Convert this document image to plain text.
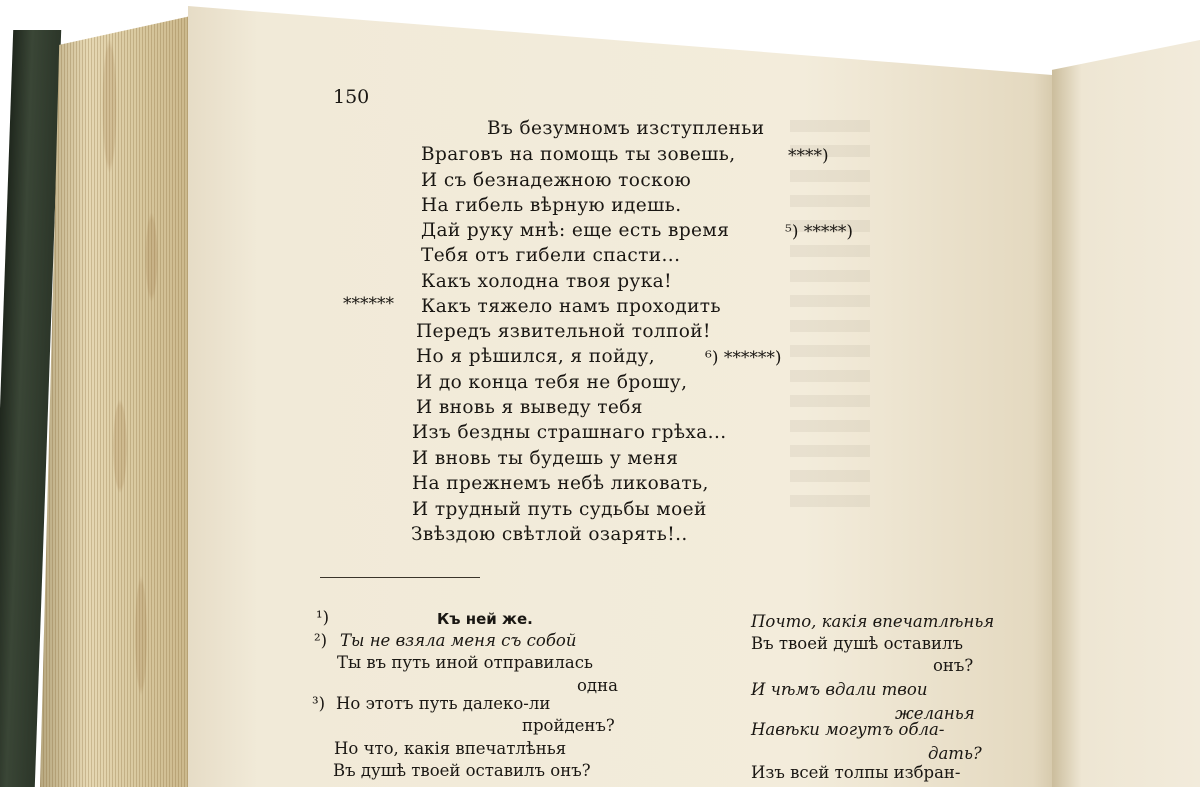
150
Въ безумномъ изступленьи
Враговъ на помощь ты зовешь,	****)
И съ безнадежною тоскою
На гибель вѣрную идешь.
Дай руку мнѣ: еще есть время	⁵) *****)
Тебя отъ гибели спасти...
Какъ холодна твоя рука!
****** Какъ тяжело намъ проходить
Передъ язвительной толпой!
Но я рѣшился, я пойду,	⁶) ******)
И до конца тебя не брошу,
И вновь я выведу тебя
Изъ бездны страшнаго грѣха...
И вновь ты будешь у меня
На прежнемъ небѣ ликовать,
И трудный путь судьбы моей
Звѣздою свѣтлой озарять!..
¹)	Къ ней же.
²) Ты не взяла меня съ собой
Ты въ путь иной отправилась
одна
³) Но этотъ путь далеко-ли
пройденъ?
Но что, какія впечатлѣнья
Въ душѣ твоей оставилъ онъ?
Почто, какія впечатлѣнья
Въ твоей душѣ оставилъ
онъ?
И чѣмъ вдали твои
желанья
Навѣки могутъ обла-
дать?
Изъ всей толпы избран-
